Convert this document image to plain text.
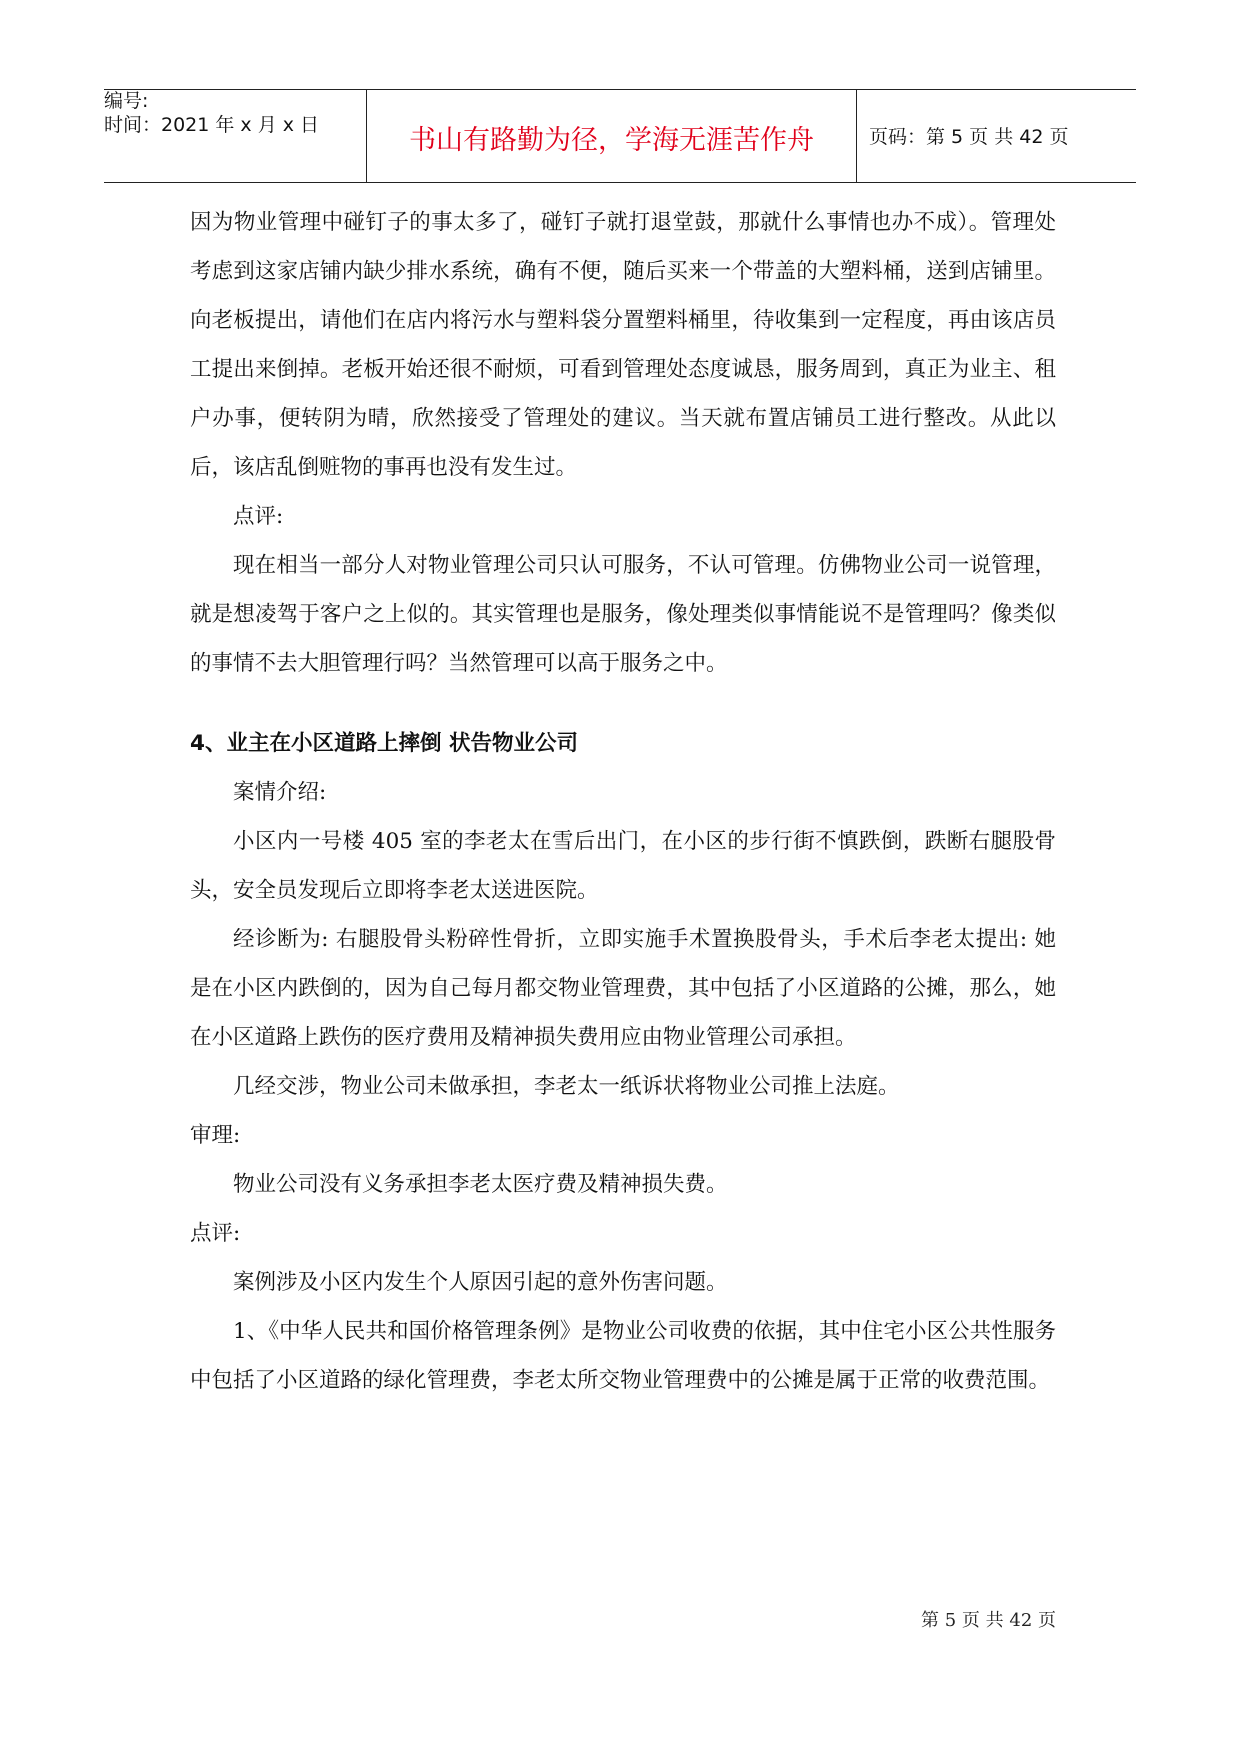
编号:
时间：2021 年 x 月 x 日	书山有路勤为径，学海无涯苦作舟	页码：第 5 页 共 42 页

因为物业管理中碰钉子的事太多了，碰钉子就打退堂鼓，那就什么事情也办不成）。管理处考虑到这家店铺内缺少排水系统，确有不便，随后买来一个带盖的大塑料桶，送到店铺里。向老板提出，请他们在店内将污水与塑料袋分置塑料桶里，待收集到一定程度，再由该店员工提出来倒掉。老板开始还很不耐烦，可看到管理处态度诚恳，服务周到，真正为业主、租户办事，便转阴为晴，欣然接受了管理处的建议。当天就布置店铺员工进行整改。从此以后，该店乱倒赃物的事再也没有发生过。

点评:

现在相当一部分人对物业管理公司只认可服务，不认可管理。仿佛物业公司一说管理，就是想凌驾于客户之上似的。其实管理也是服务，像处理类似事情能说不是管理吗？像类似的事情不去大胆管理行吗？当然管理可以高于服务之中。

4、业主在小区道路上摔倒 状告物业公司

案情介绍:

小区内一号楼 405 室的李老太在雪后出门，在小区的步行街不慎跌倒，跌断右腿股骨头，安全员发现后立即将李老太送进医院。

经诊断为: 右腿股骨头粉碎性骨折，立即实施手术置换股骨头，手术后李老太提出: 她是在小区内跌倒的，因为自己每月都交物业管理费，其中包括了小区道路的公摊，那么，她在小区道路上跌伤的医疗费用及精神损失费用应由物业管理公司承担。

几经交涉，物业公司未做承担，李老太一纸诉状将物业公司推上法庭。

审理:

物业公司没有义务承担李老太医疗费及精神损失费。

点评:

案例涉及小区内发生个人原因引起的意外伤害问题。

1、《中华人民共和国价格管理条例》是物业公司收费的依据，其中住宅小区公共性服务中包括了小区道路的绿化管理费，李老太所交物业管理费中的公摊是属于正常的收费范围。

第 5 页 共 42 页
